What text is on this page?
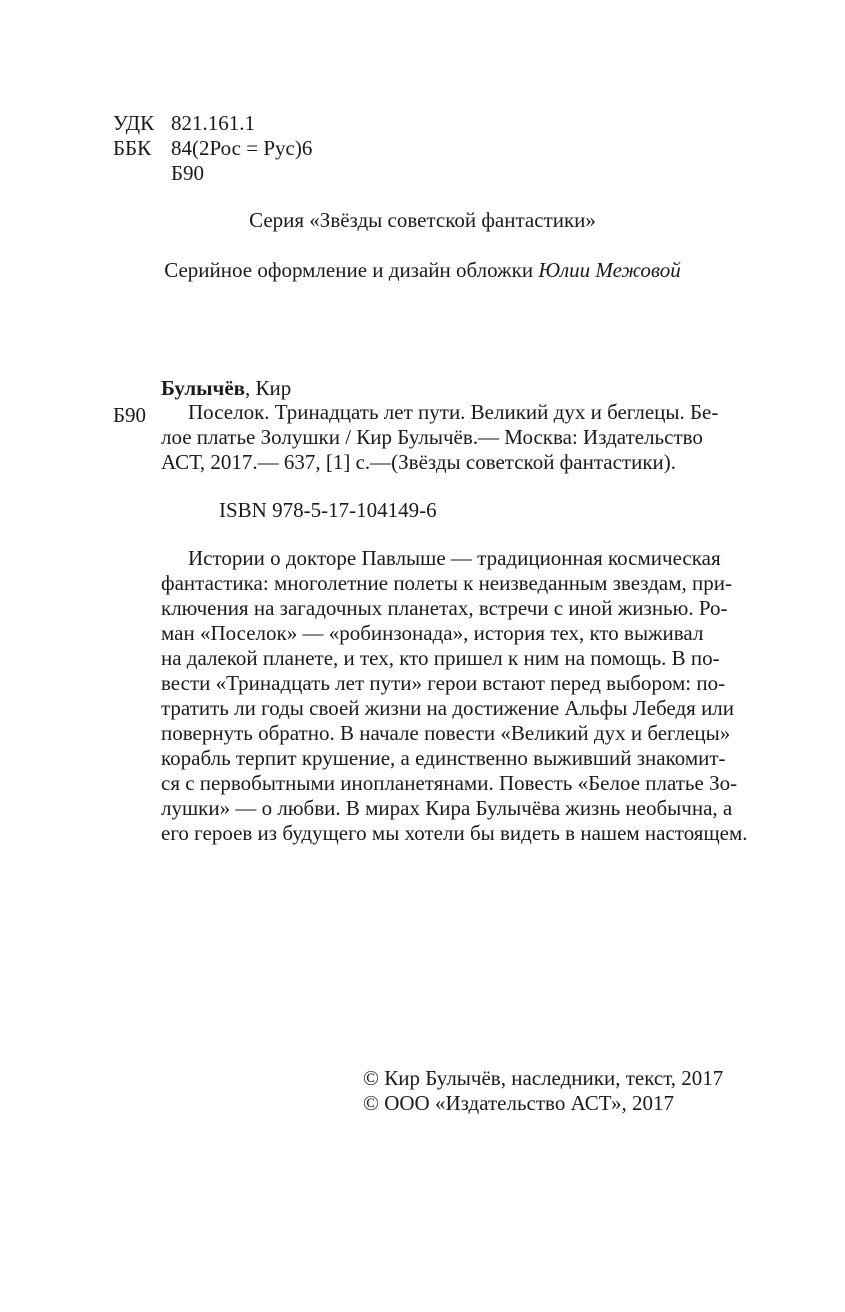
УДК 821.161.1
ББК 84(2Рос = Рус)6
Б90
Серия «Звёзды советской фантастики»
Серийное оформление и дизайн обложки Юлии Межовой
Булычёв, Кир
Б90 Поселок. Тринадцать лет пути. Великий дух и беглецы. Бе-
лое платье Золушки / Кир Булычёв.— Москва: Издательство
АСТ, 2017.— 637, [1] с.—(Звёзды советской фантастики).
ISBN 978-5-17-104149-6
Истории о докторе Павлыше — традиционная космическая
фантастика: многолетние полеты к неизведанным звездам, при-
ключения на загадочных планетах, встречи с иной жизнью. Ро-
ман «Поселок» — «робинзонада», история тех, кто выживал
на далекой планете, и тех, кто пришел к ним на помощь. В по-
вести «Тринадцать лет пути» герои встают перед выбором: по-
тратить ли годы своей жизни на достижение Альфы Лебедя или
повернуть обратно. В начале повести «Великий дух и беглецы»
корабль терпит крушение, а единственно выживший знакомит-
ся с первобытными инопланетянами. Повесть «Белое платье Зо-
лушки» — о любви. В мирах Кира Булычёва жизнь необычна, а
его героев из будущего мы хотели бы видеть в нашем настоящем.
© Кир Булычёв, наследники, текст, 2017
© ООО «Издательство АСТ», 2017
